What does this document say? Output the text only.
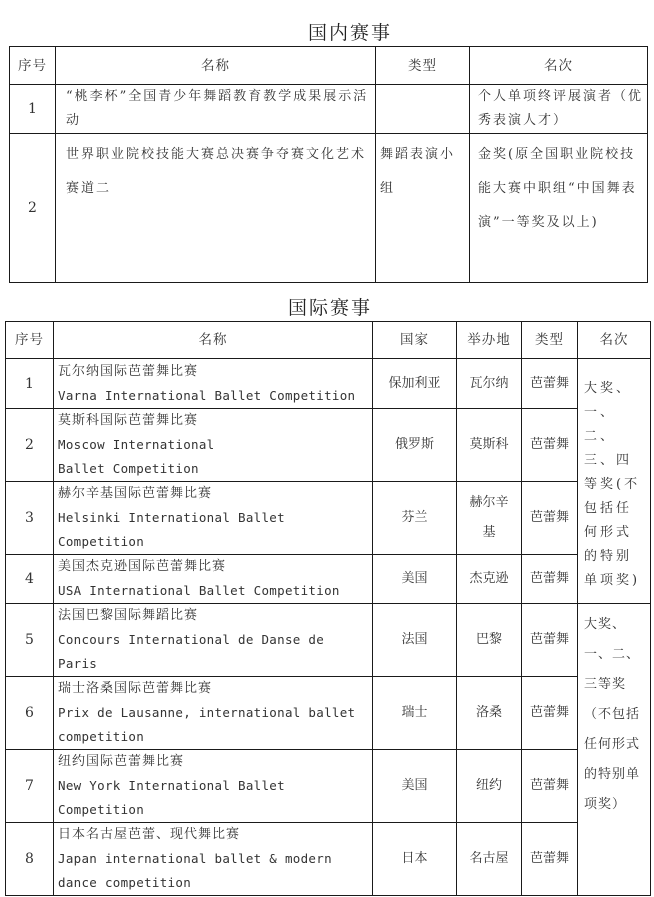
国内赛事
序号	名称	类型	名次
1	“桃李杯”全国青少年舞蹈教育教学成果展示活动		个人单项终评展演者（优秀表演人才）
2	世界职业院校技能大赛总决赛争夺赛文化艺术赛道二	舞蹈表演小组	金奖(原全国职业院校技能大赛中职组“中国舞表演”一等奖及以上)
国际赛事
序号	名称	国家	举办地	类型	名次
1	瓦尔纳国际芭蕾舞比赛
Varna International Ballet Competition	保加利亚	瓦尔纳	芭蕾舞	大奖、一、二、三、四等奖(不包括任何形式的特别单项奖)
2	莫斯科国际芭蕾舞比赛
Moscow International Ballet Competition	俄罗斯	莫斯科	芭蕾舞	
3	赫尔辛基国际芭蕾舞比赛
Helsinki International Ballet Competition	芬兰	赫尔辛基	芭蕾舞	
4	美国杰克逊国际芭蕾舞比赛
USA International Ballet Competition	美国	杰克逊	芭蕾舞	
5	法国巴黎国际舞蹈比赛
Concours International de Danse de Paris	法国	巴黎	芭蕾舞	大奖、一、二、三等奖（不包括任何形式的特别单项奖）
6	瑞士洛桑国际芭蕾舞比赛
Prix de Lausanne, international ballet competition	瑞士	洛桑	芭蕾舞	
7	纽约国际芭蕾舞比赛
New York International Ballet Competition	美国	纽约	芭蕾舞	
8	日本名古屋芭蕾、现代舞比赛
Japan international ballet & modern dance competition	日本	名古屋	芭蕾舞	
